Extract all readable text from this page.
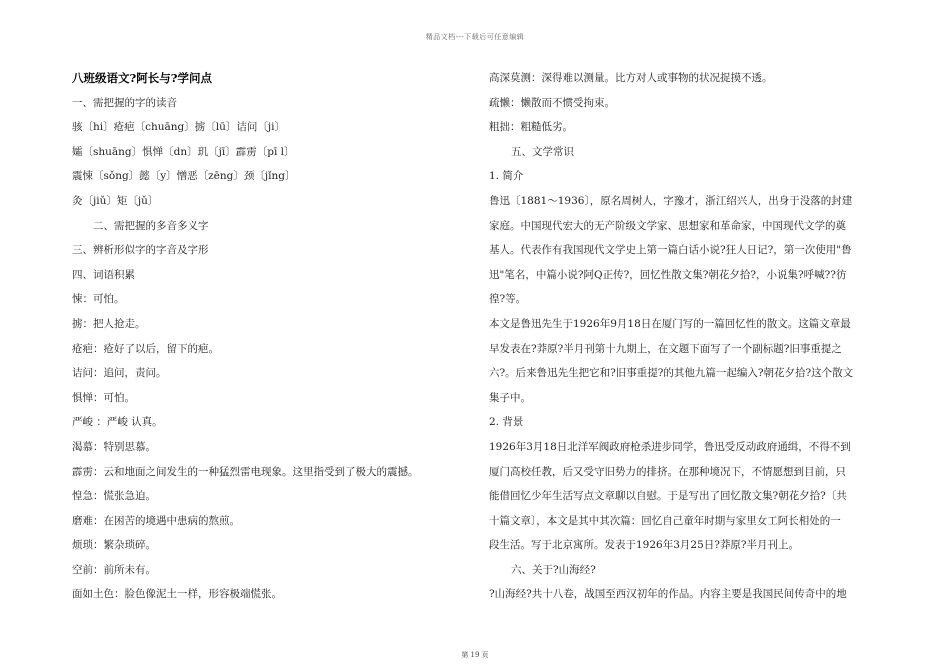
精品文档---下载后可任意编辑
八班级语文?阿长与?学问点
一、需把握的字的读音
骇〔hi〕疮疤〔chuāng〕掳〔lū〕诘问〔ji〕
孀〔shuāng〕惧惮〔dn〕玑〔jī〕霹雳〔pī l〕
震悚〔sǒng〕懿〔y〕憎恶〔zēng〕颈〔jǐng〕
灸〔jiǔ〕矩〔jǔ〕
二、需把握的多音多义字
三、辨析形似字的字音及字形
四、词语积累
悚：可怕。
掳：把人抢走。
疮疤：疮好了以后，留下的疤。
诘问：追问，责问。
惧惮：可怕。
严峻 ：严峻 认真。
渴慕：特别思慕。
霹雳：云和地面之间发生的一种猛烈雷电现象。这里指受到了极大的震撼。
惶急：慌张急迫。
磨难：在困苦的境遇中患病的熬煎。
烦琐：繁杂琐碎。
空前：前所未有。
面如土色：脸色像泥土一样，形容极端慌张。
高深莫测：深得难以测量。比方对人或事物的状况捉摸不透。
疏懒：懒散而不惯受拘束。
粗拙：粗糙低劣。
五、文学常识
1. 简介
鲁迅〔1881～1936〕，原名周树人，字豫才，浙江绍兴人，出身于没落的封建
家庭。中国现代宏大的无产阶级文学家、思想家和革命家，中国现代文学的奠
基人。代表作有我国现代文学史上第一篇白话小说?狂人日记?，第一次使用"鲁
迅"笔名，中篇小说?阿Q正传?，回忆性散文集?朝花夕拾?，小说集?呼喊??彷
徨?等。
本文是鲁迅先生于1926年9月18日在厦门写的一篇回忆性的散文。这篇文章最
早发表在?莽原?半月刊第十九期上，在文题下面写了一个副标题?旧事重提之
六?。后来鲁迅先生把它和?旧事重提?的其他九篇一起编入?朝花夕拾?这个散文
集子中。
2. 背景
1926年3月18日北洋军阀政府枪杀进步同学，鲁迅受反动政府通缉，不得不到
厦门高校任教，后又受守旧势力的排挤。在那种境况下，不情愿想到目前，只
能借回忆少年生活写点文章聊以自慰。于是写出了回忆散文集?朝花夕拾?〔共
十篇文章〕，本文是其中其次篇：回忆自己童年时期与家里女工阿长相处的一
段生活。写于北京寓所。发表于1926年3月25日?莽原?半月刊上。
六、关于?山海经?
?山海经?共十八卷，战国至西汉初年的作品。内容主要是我国民间传奇中的地
第 19 页
